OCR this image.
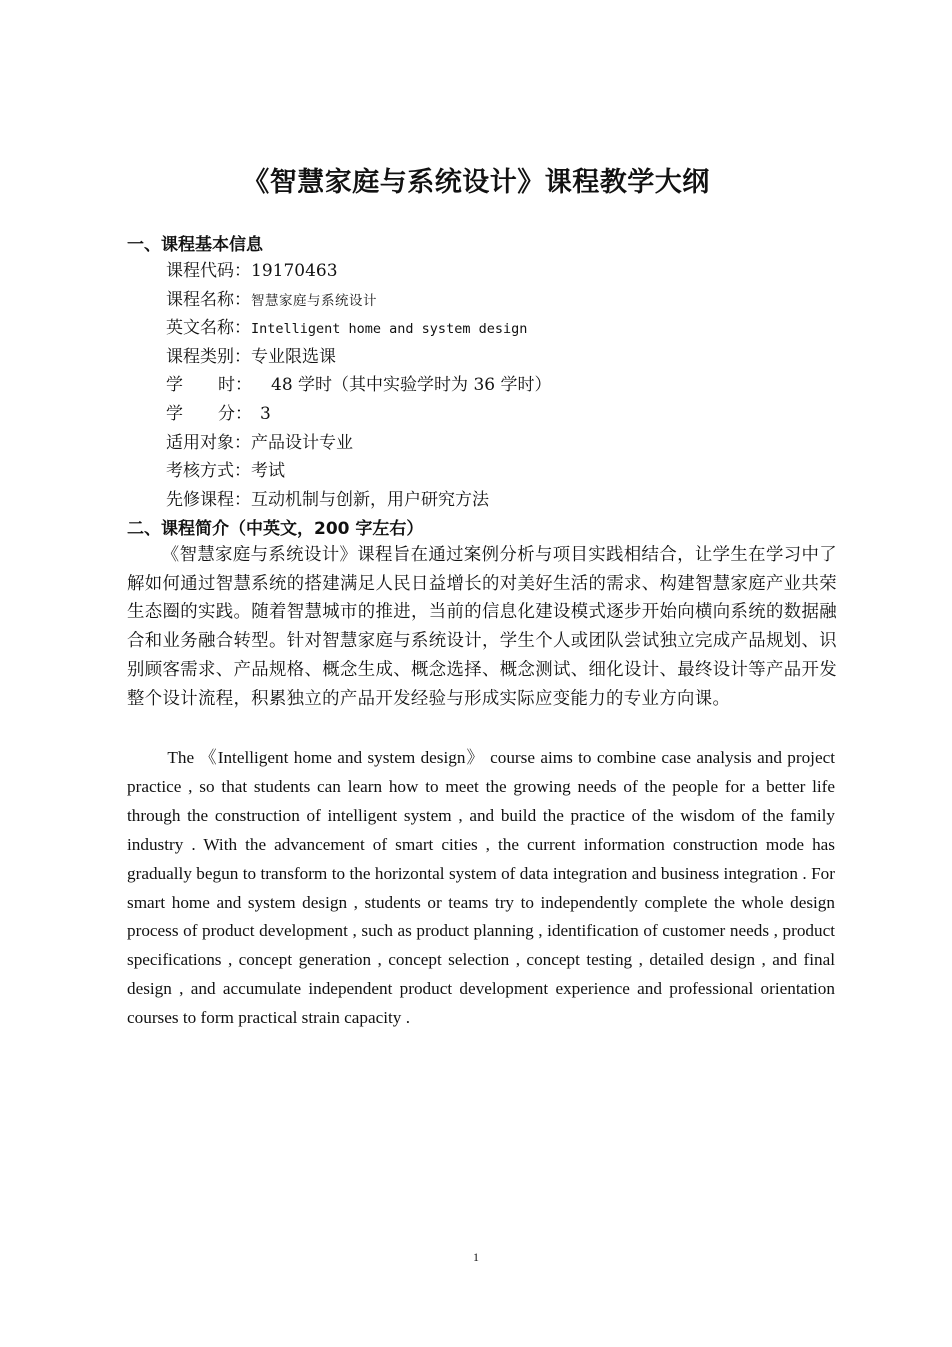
《智慧家庭与系统设计》课程教学大纲
一、课程基本信息
课程代码：19170463
课程名称：智慧家庭与系统设计
英文名称：Intelligent home and system design
课程类别：专业限选课
学 时： 48 学时（其中实验学时为 36 学时）
学 分： 3
适用对象：产品设计专业
考核方式：考试
先修课程：互动机制与创新，用户研究方法
二、课程简介（中英文，200 字左右）

《智慧家庭与系统设计》课程旨在通过案例分析与项目实践相结合，让学生在学习中了解如何通过智慧系统的搭建满足人民日益增长的对美好生活的需求、构建智慧家庭产业共荣生态圈的实践。随着智慧城市的推进，当前的信息化建设模式逐步开始向横向系统的数据融合和业务融合转型。针对智慧家庭与系统设计，学生个人或团队尝试独立完成产品规划、识别顾客需求、产品规格、概念生成、概念选择、概念测试、细化设计、最终设计等产品开发整个设计流程，积累独立的产品开发经验与形成实际应变能力的专业方向课。

The 《Intelligent home and system design》 course aims to combine case analysis and project practice , so that students can learn how to meet the growing needs of the people for a better life through the construction of intelligent system , and build the practice of the wisdom of the family industry . With the advancement of smart cities , the current information construction mode has gradually begun to transform to the horizontal system of data integration and business integration . For smart home and system design , students or teams try to independently complete the whole design process of product development , such as product planning , identification of customer needs , product specifications , concept generation , concept selection , concept testing , detailed design , and final design , and accumulate independent product development experience and professional orientation courses to form practical strain capacity .

1
